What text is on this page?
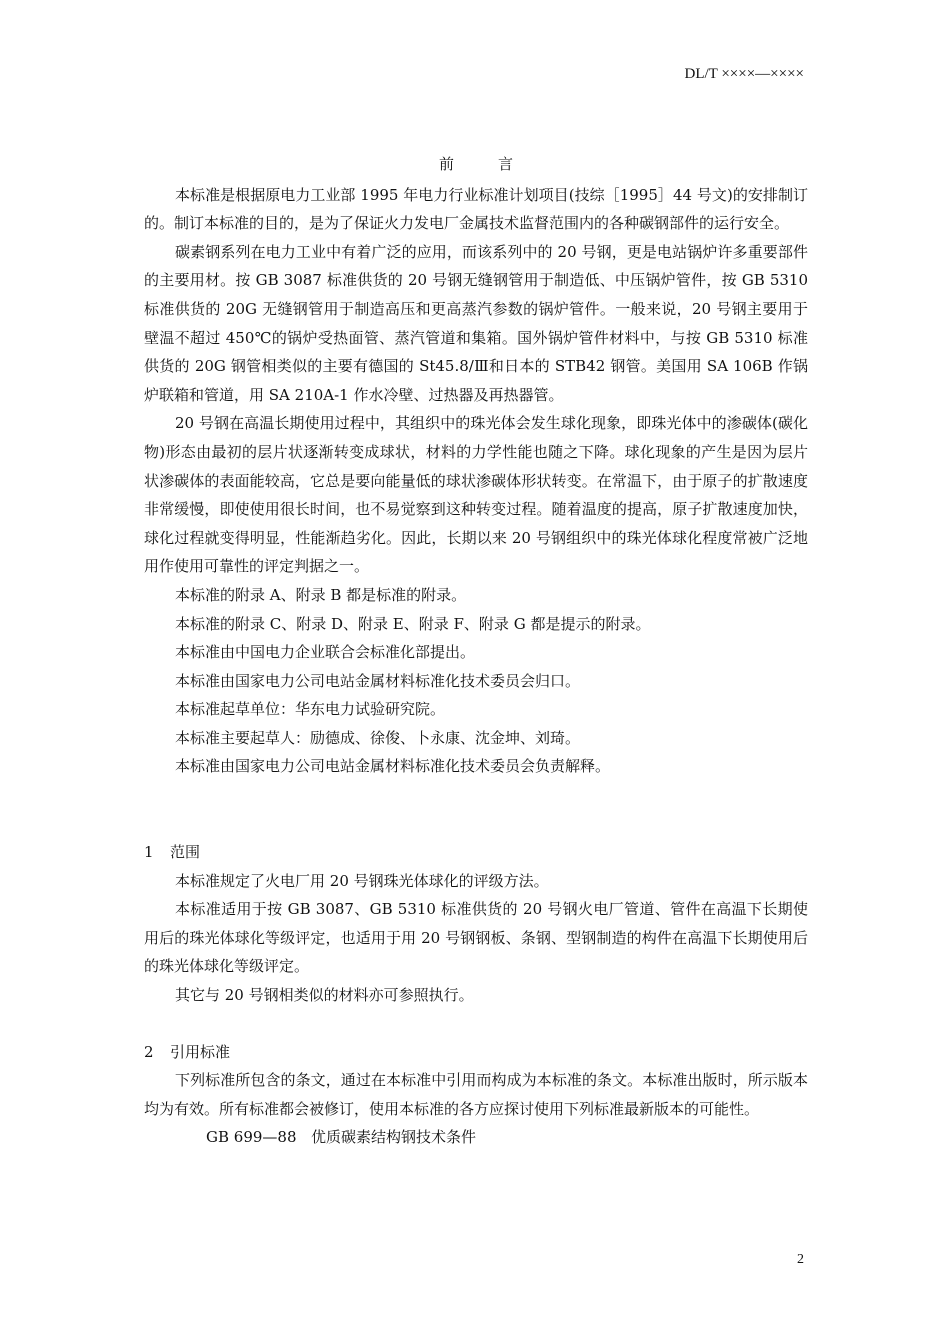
DL/T ××××—××××
前言

本标准是根据原电力工业部 1995 年电力行业标准计划项目(技综［1995］44 号文)的安排制订的。制订本标准的目的，是为了保证火力发电厂金属技术监督范围内的各种碳钢部件的运行安全。

碳素钢系列在电力工业中有着广泛的应用，而该系列中的 20 号钢，更是电站锅炉许多重要部件的主要用材。按 GB 3087 标准供货的 20 号钢无缝钢管用于制造低、中压锅炉管件，按 GB 5310 标准供货的 20G 无缝钢管用于制造高压和更高蒸汽参数的锅炉管件。一般来说，20 号钢主要用于壁温不超过 450℃的锅炉受热面管、蒸汽管道和集箱。国外锅炉管件材料中，与按 GB 5310 标准供货的 20G 钢管相类似的主要有德国的 St45.8/Ⅲ和日本的 STB42 钢管。美国用 SA 106B 作锅炉联箱和管道，用 SA 210A-1 作水冷壁、过热器及再热器管。

20 号钢在高温长期使用过程中，其组织中的珠光体会发生球化现象，即珠光体中的渗碳体(碳化物)形态由最初的层片状逐渐转变成球状，材料的力学性能也随之下降。球化现象的产生是因为层片状渗碳体的表面能较高，它总是要向能量低的球状渗碳体形状转变。在常温下，由于原子的扩散速度非常缓慢，即使使用很长时间，也不易觉察到这种转变过程。随着温度的提高，原子扩散速度加快，球化过程就变得明显，性能渐趋劣化。因此，长期以来 20 号钢组织中的珠光体球化程度常被广泛地用作使用可靠性的评定判据之一。

本标准的附录 A、附录 B 都是标准的附录。

本标准的附录 C、附录 D、附录 E、附录 F、附录 G 都是提示的附录。

本标准由中国电力企业联合会标准化部提出。

本标准由国家电力公司电站金属材料标准化技术委员会归口。

本标准起草单位：华东电力试验研究院。

本标准主要起草人：励德成、徐俊、卜永康、沈金坤、刘琦。

本标准由国家电力公司电站金属材料标准化技术委员会负责解释。

1 范围

本标准规定了火电厂用 20 号钢珠光体球化的评级方法。

本标准适用于按 GB 3087、GB 5310 标准供货的 20 号钢火电厂管道、管件在高温下长期使用后的珠光体球化等级评定，也适用于用 20 号钢钢板、条钢、型钢制造的构件在高温下长期使用后的珠光体球化等级评定。

其它与 20 号钢相类似的材料亦可参照执行。

2 引用标准

下列标准所包含的条文，通过在本标准中引用而构成为本标准的条文。本标准出版时，所示版本均为有效。所有标准都会被修订，使用本标准的各方应探讨使用下列标准最新版本的可能性。

GB 699—88 优质碳素结构钢技术条件

2
